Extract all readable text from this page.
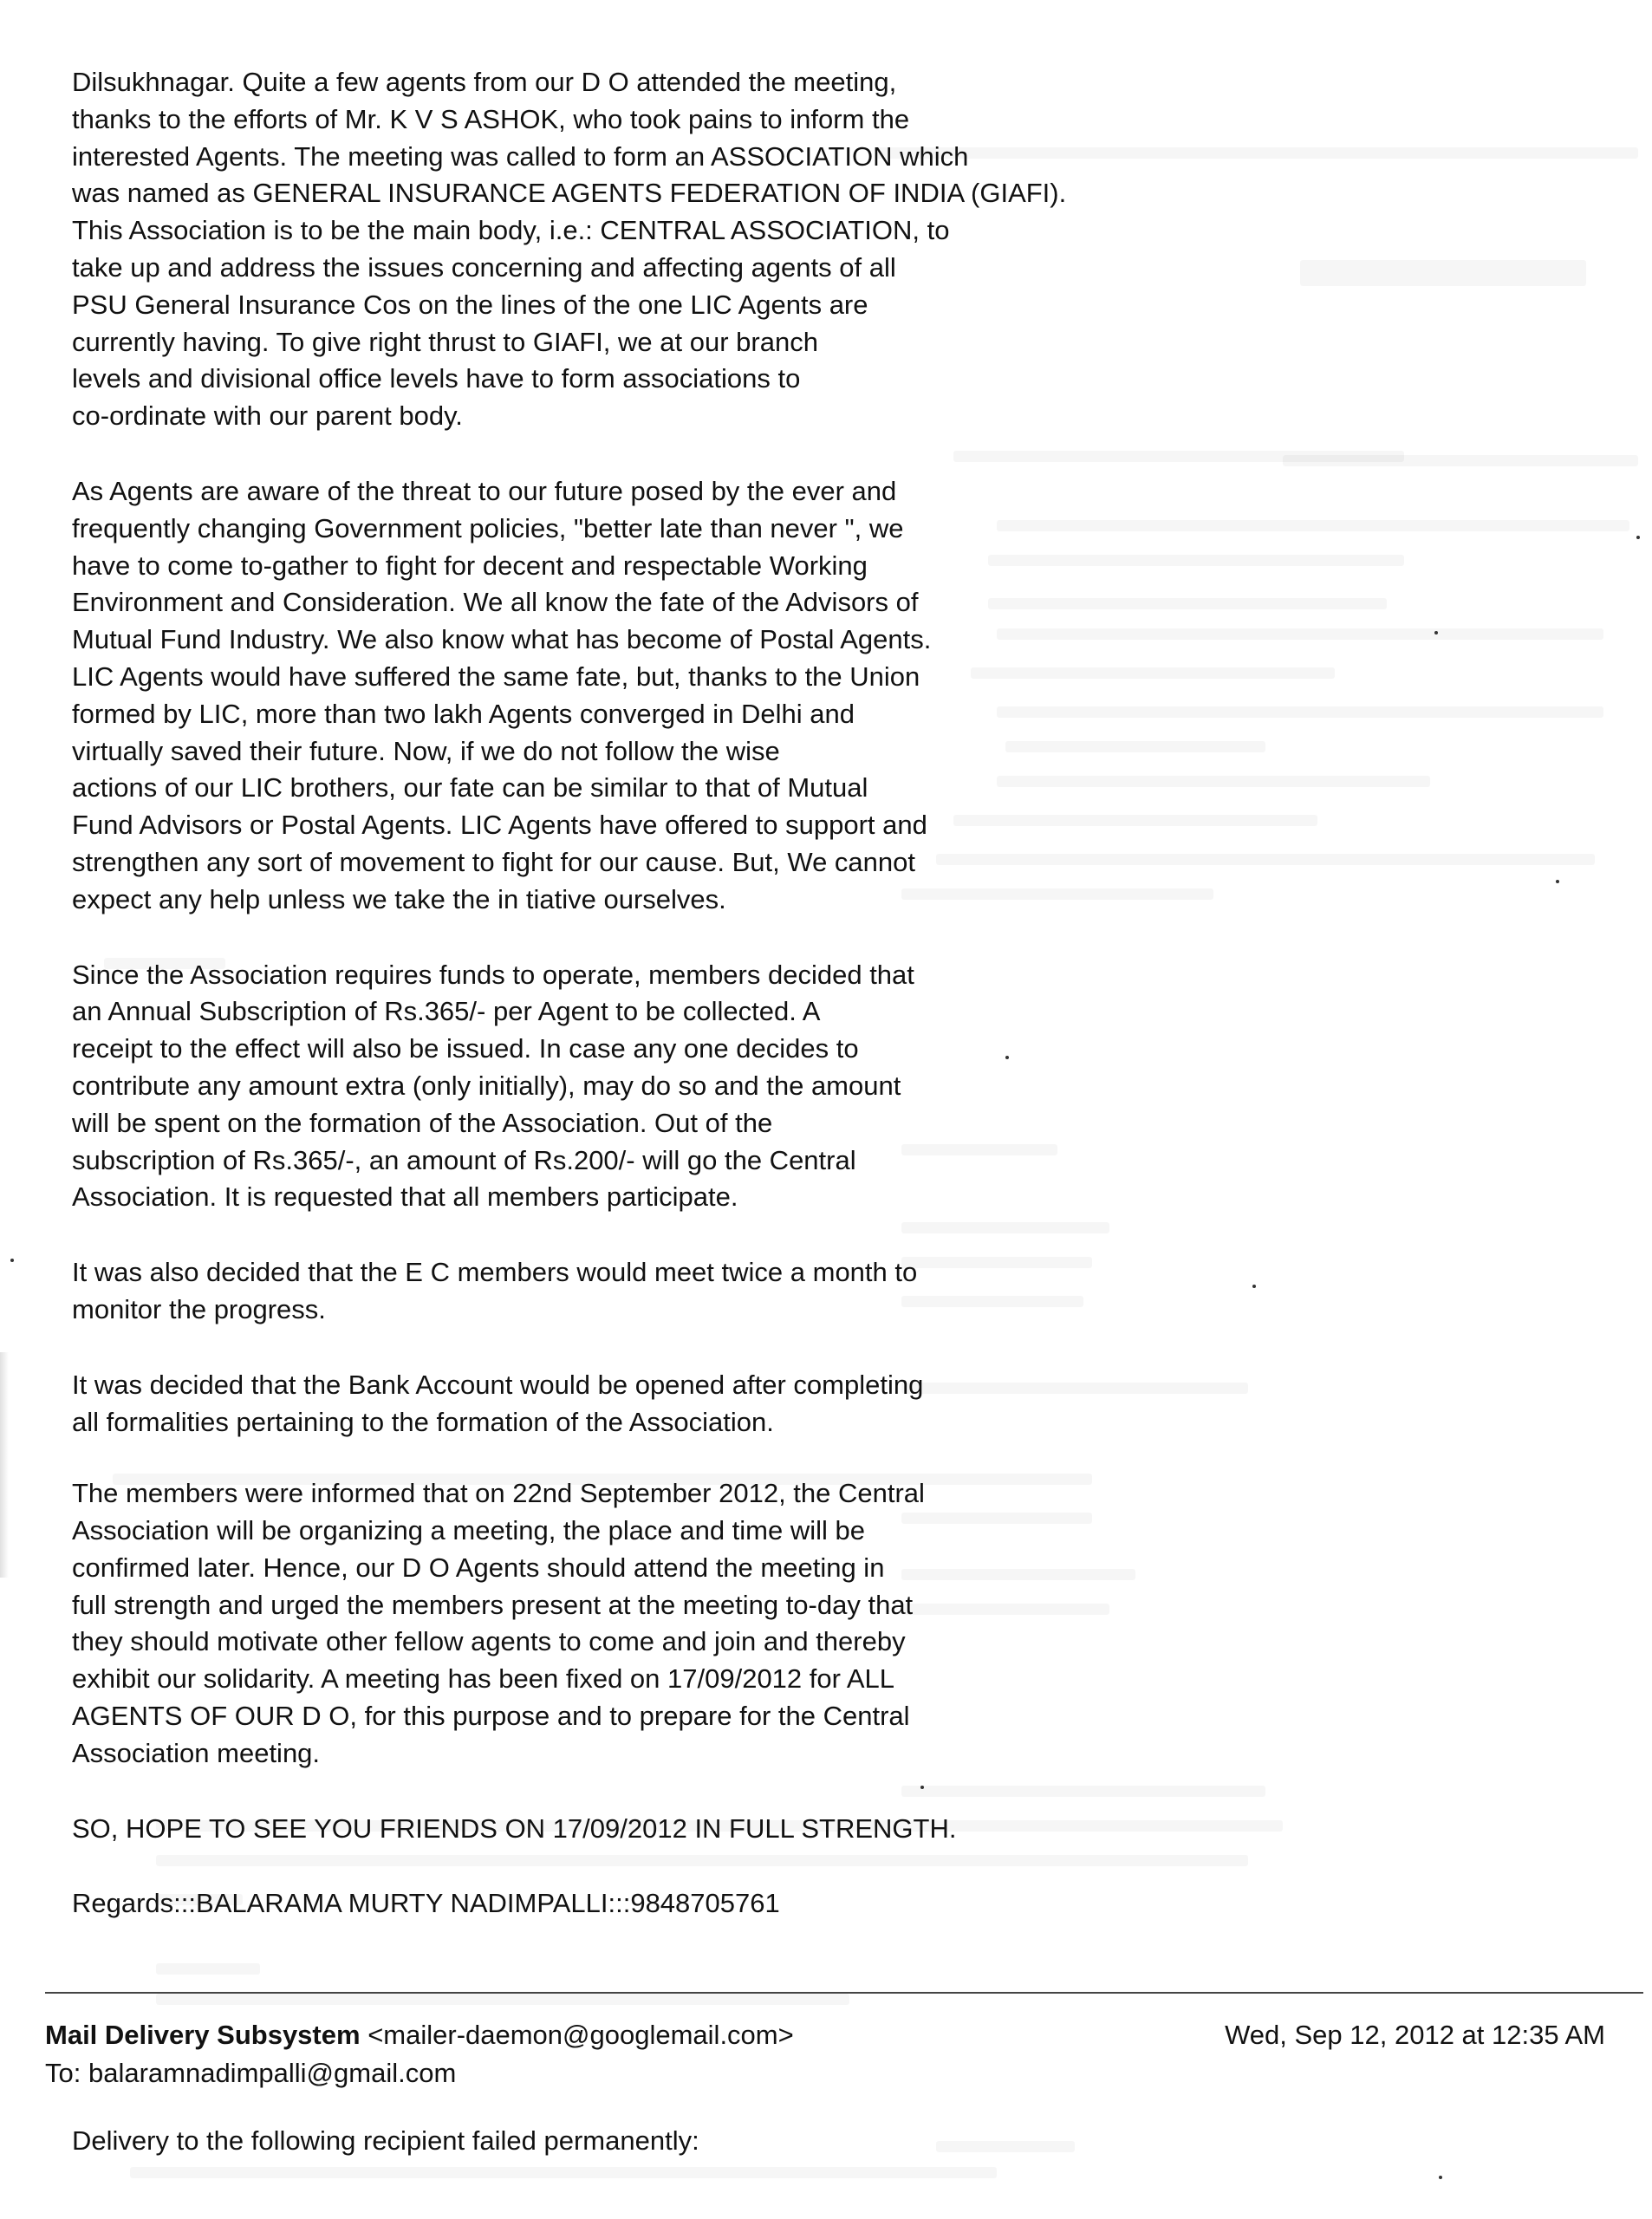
Dilsukhnagar. Quite a few agents from our D O attended the meeting,
thanks to the efforts of Mr. K V S ASHOK, who took pains to inform the
interested Agents. The meeting was called to form an ASSOCIATION which
was named as GENERAL INSURANCE AGENTS FEDERATION OF INDIA (GIAFI).
This Association is to be the main body, i.e.: CENTRAL ASSOCIATION, to
take up and address the issues concerning and affecting agents of all
PSU General Insurance Cos on the lines of the one LIC Agents are
currently having. To give right thrust to GIAFI, we at our branch
levels and divisional office levels have to form associations to
co-ordinate with our parent body.

As Agents are aware of the threat to our future posed by the ever and
frequently changing Government policies, "better late than never ", we
have to come to-gather to fight for decent and respectable Working
Environment and Consideration. We all know the fate of the Advisors of
Mutual Fund Industry. We also know what has become of Postal Agents.
LIC Agents would have suffered the same fate, but, thanks to the Union
formed by LIC, more than two lakh Agents converged in Delhi and
virtually saved their future. Now, if we do not follow the wise
actions of our LIC brothers, our fate can be similar to that of Mutual
Fund Advisors or Postal Agents. LIC Agents have offered to support and
strengthen any sort of movement to fight for our cause. But, We cannot
expect any help unless we take the in tiative ourselves.

Since the Association requires funds to operate, members decided that
an Annual Subscription of Rs.365/- per Agent to be collected. A
receipt to the effect will also be issued. In case any one decides to
contribute any amount extra (only initially), may do so and the amount
will be spent on the formation of the Association. Out of the
subscription of Rs.365/-, an amount of Rs.200/- will go the Central
Association. It is requested that all members participate.

It was also decided that the E C members would meet twice a month to
monitor the progress.

It was decided that the Bank Account would be opened after completing
all formalities pertaining to the formation of the Association.

The members were informed that on 22nd September 2012, the Central
Association will be organizing a meeting, the place and time will be
confirmed later. Hence, our D O Agents should attend the meeting in
full strength and urged the members present at the meeting to-day that
they should motivate other fellow agents to come and join and thereby
exhibit our solidarity. A meeting has been fixed on 17/09/2012 for ALL
AGENTS OF OUR D O, for this purpose and to prepare for the Central
Association meeting.

SO, HOPE TO SEE YOU FRIENDS ON 17/09/2012 IN FULL STRENGTH.

Regards:::BALARAMA MURTY NADIMPALLI:::9848705761

Mail Delivery Subsystem <mailer-daemon@googlemail.com>	Wed, Sep 12, 2012 at 12:35 AM
To: balaramnadimpalli@gmail.com
Delivery to the following recipient failed permanently:
